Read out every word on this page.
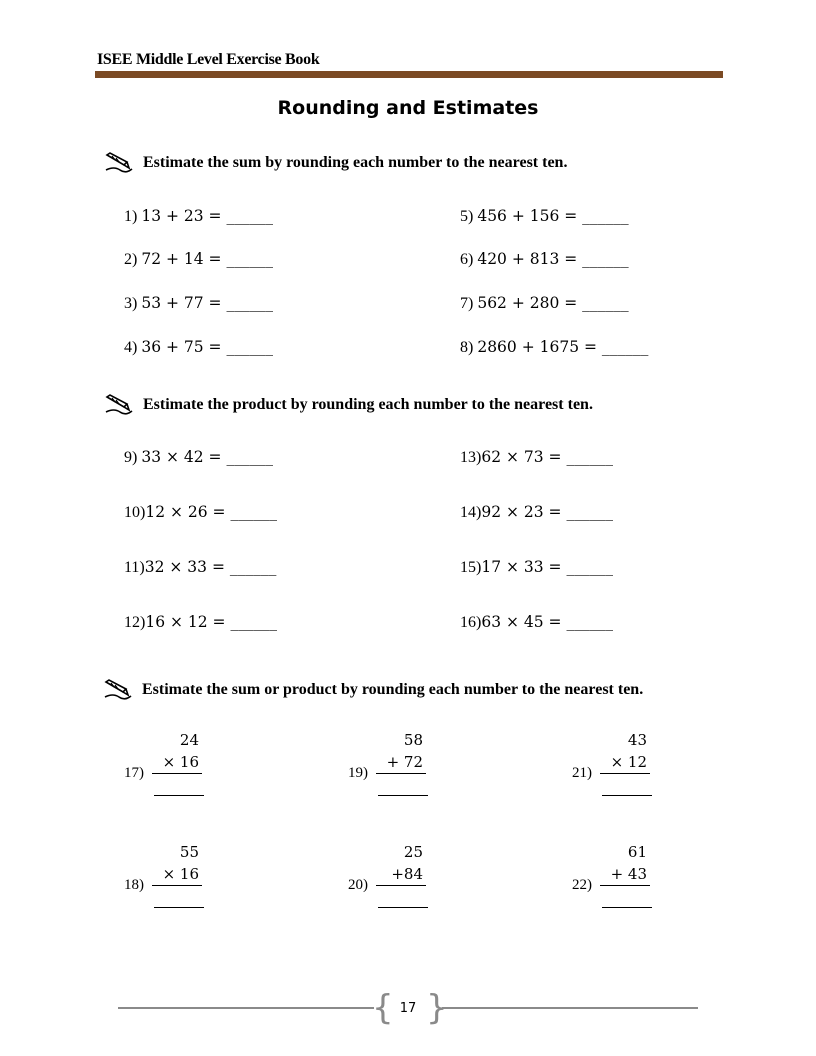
ISEE Middle Level Exercise Book
Rounding and Estimates
Estimate the sum by rounding each number to the nearest ten.
Estimate the product by rounding each number to the nearest ten.
Estimate the sum or product by rounding each number to the nearest ten.
1) 13 + 23 = ______
2) 72 + 14 = ______
3) 53 + 77 = ______
4) 36 + 75 = ______
5) 456 + 156 = ______
6) 420 + 813 = ______
7) 562 + 280 = ______
8) 2860 + 1675 = ______
9) 33 × 42 = ______
10)12 × 26 = ______
11)32 × 33 = ______
12)16 × 12 = ______
13)62 × 73 = ______
14)92 × 23 = ______
15)17 × 33 = ______
16)63 × 45 = ______
17)
24
× 16
18)
55
× 16
19)
58
+ 72
20)
25
+84
21)
43
× 12
22)
61
+ 43
{ }
17
